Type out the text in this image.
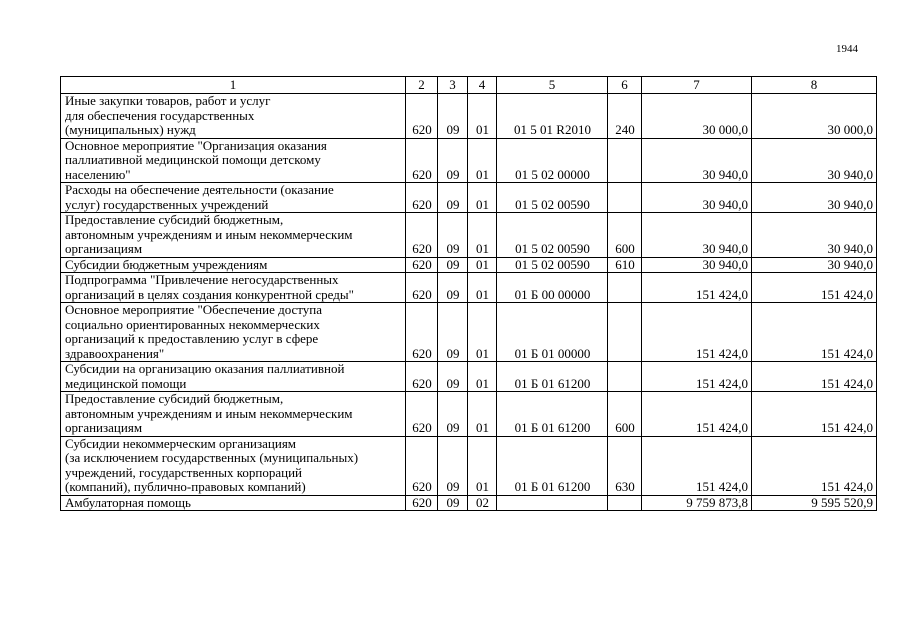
1944
1	2	3	4	5	6	7	8
Иные закупки товаров, работ и услуг
для обеспечения государственных
(муниципальных) нужд	620	09	01	01 5 01 R2010	240	30 000,0	30 000,0
Основное мероприятие "Организация оказания
паллиативной медицинской помощи детскому
населению"	620	09	01	01 5 02 00000		30 940,0	30 940,0
Расходы на обеспечение деятельности (оказание
услуг) государственных учреждений	620	09	01	01 5 02 00590		30 940,0	30 940,0
Предоставление субсидий бюджетным,
автономным учреждениям и иным некоммерческим
организациям	620	09	01	01 5 02 00590	600	30 940,0	30 940,0
Субсидии бюджетным учреждениям	620	09	01	01 5 02 00590	610	30 940,0	30 940,0
Подпрограмма "Привлечение негосударственных
организаций в целях создания конкурентной среды"	620	09	01	01 Б 00 00000		151 424,0	151 424,0
Основное мероприятие "Обеспечение доступа
социально ориентированных некоммерческих
организаций к предоставлению услуг в сфере
здравоохранения"	620	09	01	01 Б 01 00000		151 424,0	151 424,0
Субсидии на организацию оказания паллиативной
медицинской помощи	620	09	01	01 Б 01 61200		151 424,0	151 424,0
Предоставление субсидий бюджетным,
автономным учреждениям и иным некоммерческим
организациям	620	09	01	01 Б 01 61200	600	151 424,0	151 424,0
Субсидии некоммерческим организациям
(за исключением государственных (муниципальных)
учреждений, государственных корпораций
(компаний), публично-правовых компаний)	620	09	01	01 Б 01 61200	630	151 424,0	151 424,0
Амбулаторная помощь	620	09	02			9 759 873,8	9 595 520,9
